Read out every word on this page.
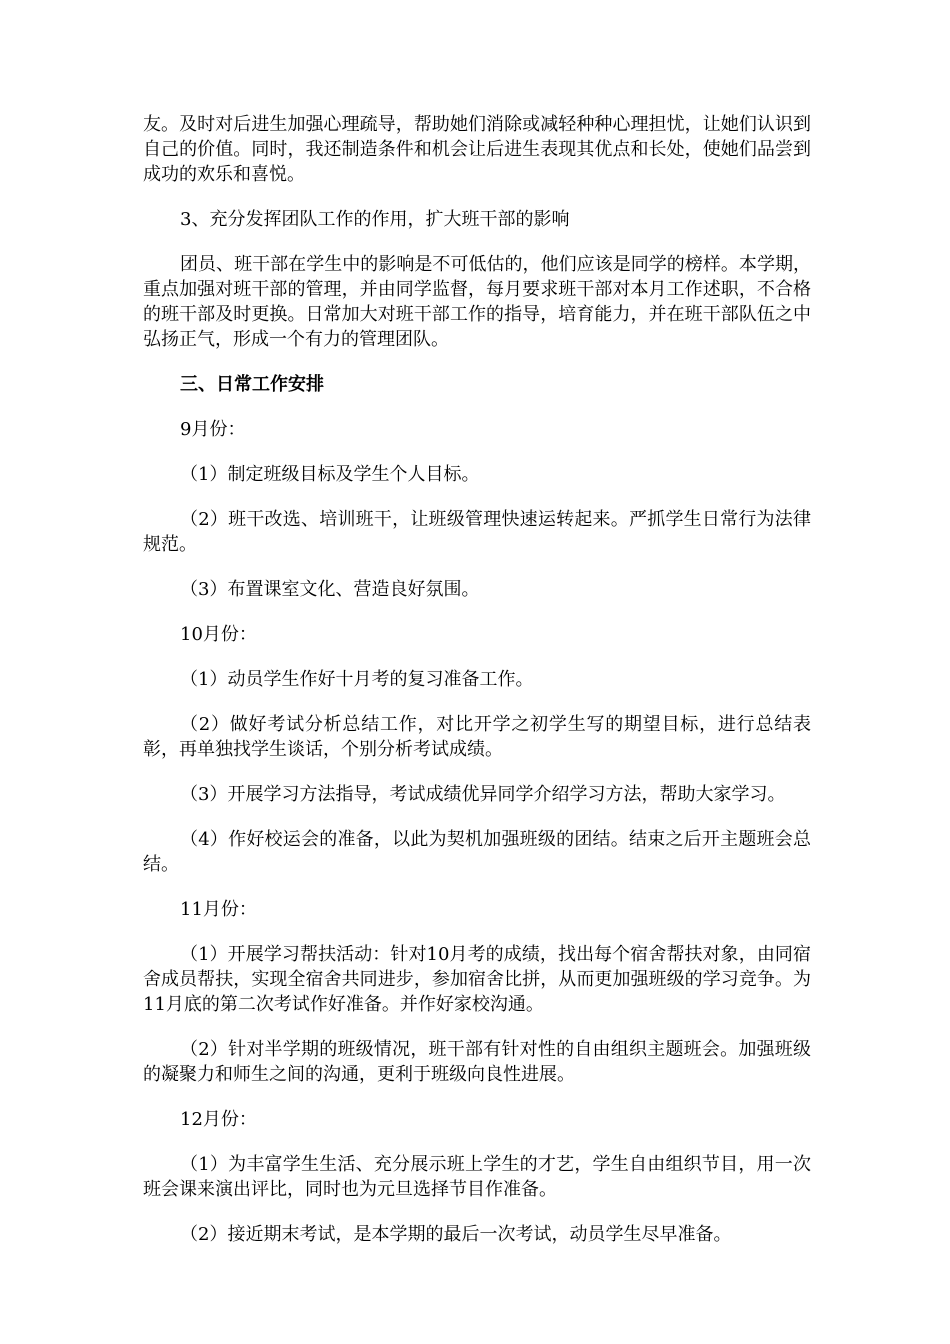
友。及时对后进生加强心理疏导，帮助她们消除或减轻种种心理担忧，让她们认识到自己的价值。同时，我还制造条件和机会让后进生表现其优点和长处，使她们品尝到成功的欢乐和喜悦。

3、充分发挥团队工作的作用，扩大班干部的影响

团员、班干部在学生中的影响是不可低估的，他们应该是同学的榜样。本学期，重点加强对班干部的管理，并由同学监督，每月要求班干部对本月工作述职，不合格的班干部及时更换。日常加大对班干部工作的指导，培育能力，并在班干部队伍之中弘扬正气，形成一个有力的管理团队。

三、日常工作安排

9月份：

（1）制定班级目标及学生个人目标。

（2）班干改选、培训班干，让班级管理快速运转起来。严抓学生日常行为法律规范。

（3）布置课室文化、营造良好氛围。

10月份：

（1）动员学生作好十月考的复习准备工作。

（2）做好考试分析总结工作，对比开学之初学生写的期望目标，进行总结表彰，再单独找学生谈话，个别分析考试成绩。

（3）开展学习方法指导，考试成绩优异同学介绍学习方法，帮助大家学习。

（4）作好校运会的准备，以此为契机加强班级的团结。结束之后开主题班会总结。

11月份：

（1）开展学习帮扶活动：针对10月考的成绩，找出每个宿舍帮扶对象，由同宿舍成员帮扶，实现全宿舍共同进步，参加宿舍比拼，从而更加强班级的学习竞争。为11月底的第二次考试作好准备。并作好家校沟通。

（2）针对半学期的班级情况，班干部有针对性的自由组织主题班会。加强班级的凝聚力和师生之间的沟通，更利于班级向良性进展。

12月份：

（1）为丰富学生生活、充分展示班上学生的才艺，学生自由组织节目，用一次班会课来演出评比，同时也为元旦选择节目作准备。

（2）接近期末考试，是本学期的最后一次考试，动员学生尽早准备。
